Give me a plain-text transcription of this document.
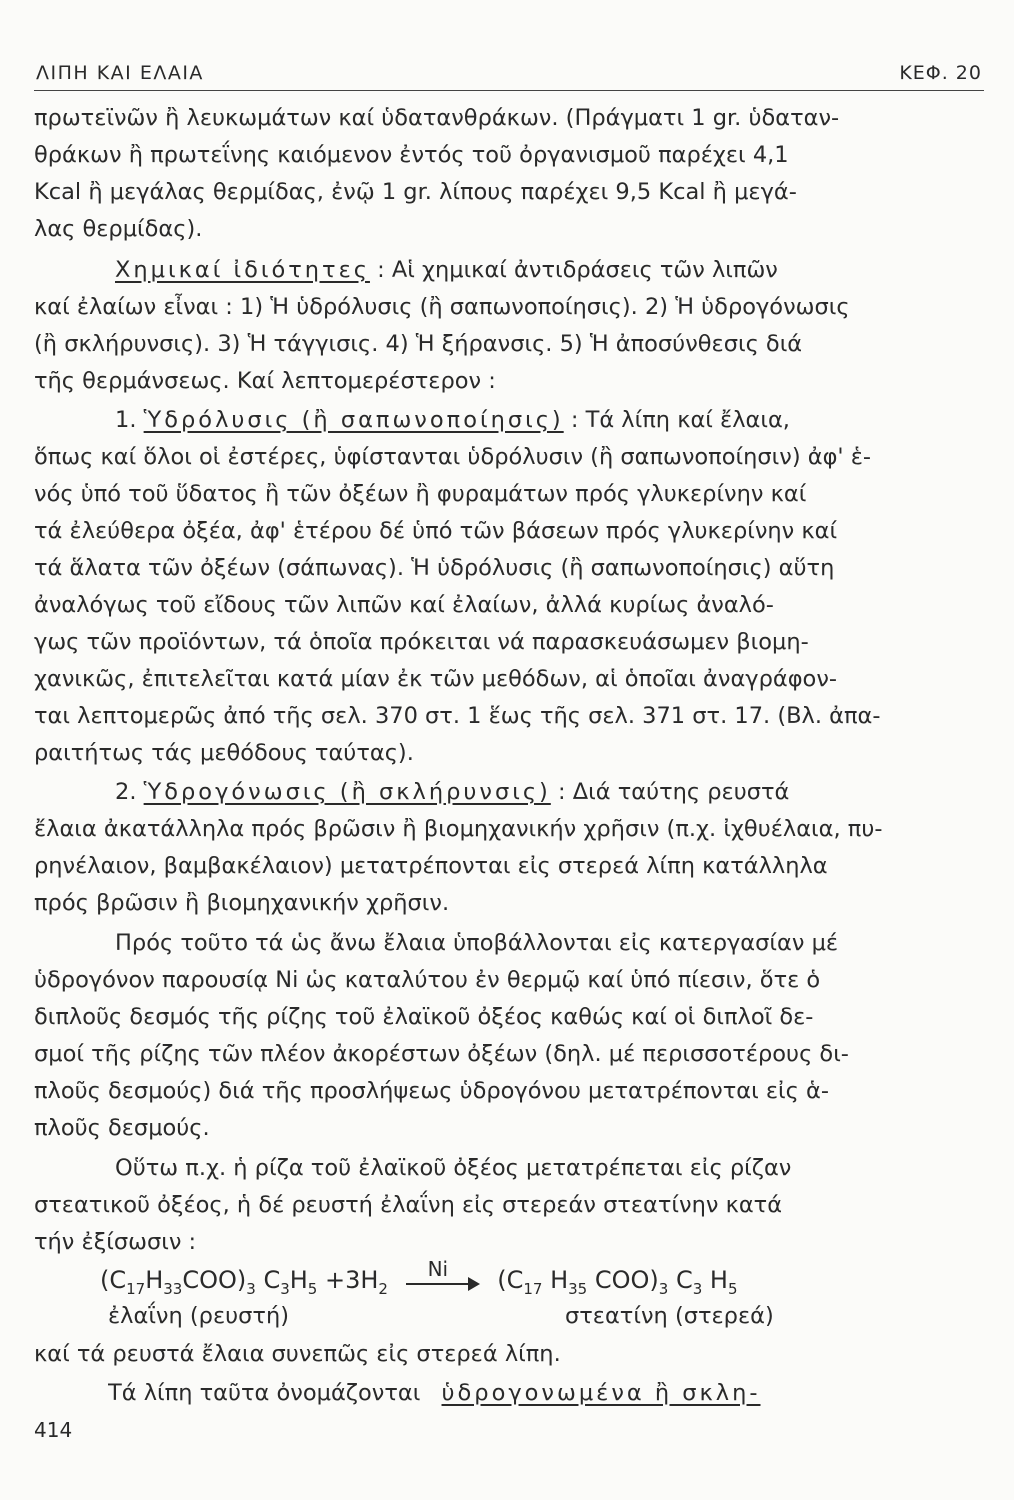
ΛΙΠΗ ΚΑΙ ΕΛΑΙΑ	ΚΕΦ. 20
πρωτεϊνῶν ἢ λευκωμάτων καί ὑδατανθράκων. (Πράγματι 1 gr. ὑδαταν-
θράκων ἢ πρωτεΐνης καιόμενον ἐντός τοῦ ὀργανισμοῦ παρέχει 4,1
Kcal ἢ μεγάλας θερμίδας, ἐνῷ 1 gr. λίπους παρέχει 9,5 Kcal ἢ μεγά-
λας θερμίδας).
Χημικαί ἰδιότητες : Αἱ χημικαί ἀντιδράσεις τῶν λιπῶν
καί ἐλαίων εἶναι : 1) Ἡ ὑδρόλυσις (ἢ σαπωνοποίησις). 2) Ἡ ὑδρογόνωσις
(ἢ σκλήρυνσις). 3) Ἡ τάγγισις. 4) Ἡ ξήρανσις. 5) Ἡ ἀποσύνθεσις διά
τῆς θερμάνσεως. Καί λεπτομερέστερον :
1. Ὑδρόλυσις (ἢ σαπωνοποίησις) : Τά λίπη καί ἔλαια,
ὅπως καί ὅλοι οἱ ἐστέρες, ὑφίστανται ὑδρόλυσιν (ἢ σαπωνοποίησιν) ἀφ' ἑ-
νός ὑπό τοῦ ὕδατος ἢ τῶν ὀξέων ἢ φυραμάτων πρός γλυκερίνην καί
τά ἐλεύθερα ὀξέα, ἀφ' ἑτέρου δέ ὑπό τῶν βάσεων πρός γλυκερίνην καί
τά ἅλατα τῶν ὀξέων (σάπωνας). Ἡ ὑδρόλυσις (ἢ σαπωνοποίησις) αὕτη
ἀναλόγως τοῦ εἴδους τῶν λιπῶν καί ἐλαίων, ἀλλά κυρίως ἀναλό-
γως τῶν προϊόντων, τά ὁποῖα πρόκειται νά παρασκευάσωμεν βιομη-
χανικῶς, ἐπιτελεῖται κατά μίαν ἐκ τῶν μεθόδων, αἱ ὁποῖαι ἀναγράφον-
ται λεπτομερῶς ἀπό τῆς σελ. 370 στ. 1 ἕως τῆς σελ. 371 στ. 17. (Βλ. ἀπα-
ραιτήτως τάς μεθόδους ταύτας).
2. Ὑδρογόνωσις (ἢ σκλήρυνσις) : Διά ταύτης ρευστά
ἔλαια ἀκατάλληλα πρός βρῶσιν ἢ βιομηχανικήν χρῆσιν (π.χ. ἰχθυέλαια, πυ-
ρηνέλαιον, βαμβακέλαιον) μετατρέπονται εἰς στερεά λίπη κατάλληλα
πρός βρῶσιν ἢ βιομηχανικήν χρῆσιν.
Πρός τοῦτο τά ὡς ἄνω ἔλαια ὑποβάλλονται εἰς κατεργασίαν μέ
ὑδρογόνον παρουσίᾳ Ni ὡς καταλύτου ἐν θερμῷ καί ὑπό πίεσιν, ὅτε ὁ
διπλοῦς δεσμός τῆς ρίζης τοῦ ἐλαϊκοῦ ὀξέος καθώς καί οἱ διπλοῖ δε-
σμοί τῆς ρίζης τῶν πλέον ἀκορέστων ὀξέων (δηλ. μέ περισσοτέρους δι-
πλοῦς δεσμούς) διά τῆς προσλήψεως ὑδρογόνου μετατρέπονται εἰς ἁ-
πλοῦς δεσμούς.
Οὕτω π.χ. ἡ ρίζα τοῦ ἐλαϊκοῦ ὀξέος μετατρέπεται εἰς ρίζαν
στεατικοῦ ὀξέος, ἡ δέ ρευστή ἐλαΐνη εἰς στερεάν στεατίνην κατά
τήν ἐξίσωσιν :
$(C_{17}H_{33}COO)_3$ $C_3H_5 +3H_2$
Ni ($C_{17}$ $H_{35}$ $COO)_3$ $C_3$ $H_5$
ἐλαΐνη (ρευστή)	στεατίνη (στερεά)
καί τά ρευστά ἔλαια συνεπῶς εἰς στερεά λίπη.
Τά λίπη ταῦτα ὀνομάζονται ὑδρογονωμένα ἢ σκλη-
414
